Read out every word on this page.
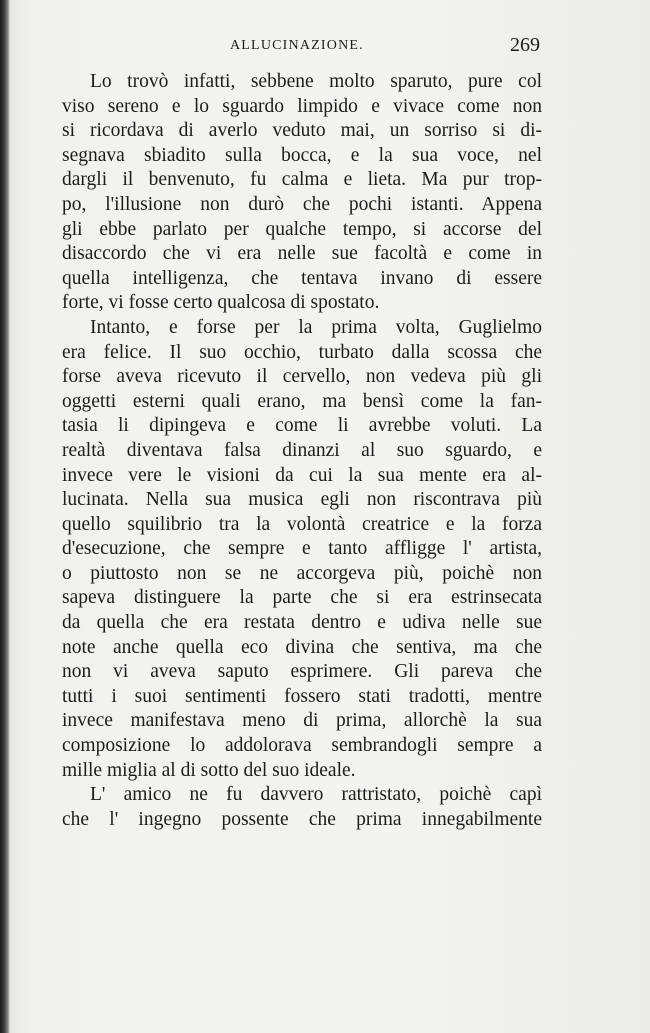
ALLUCINAZIONE.	269
Lo trovò infatti, sebbene molto sparuto, pure col
viso sereno e lo sguardo limpido e vivace come non
si ricordava di averlo veduto mai, un sorriso si di-
segnava sbiadito sulla bocca, e la sua voce, nel
dargli il benvenuto, fu calma e lieta. Ma pur trop-
po, l'illusione non durò che pochi istanti. Appena
gli ebbe parlato per qualche tempo, si accorse del
disaccordo che vi era nelle sue facoltà e come in
quella intelligenza, che tentava invano di essere
forte, vi fosse certo qualcosa di spostato.
Intanto, e forse per la prima volta, Guglielmo
era felice. Il suo occhio, turbato dalla scossa che
forse aveva ricevuto il cervello, non vedeva più gli
oggetti esterni quali erano, ma bensì come la fan-
tasia li dipingeva e come li avrebbe voluti. La
realtà diventava falsa dinanzi al suo sguardo, e
invece vere le visioni da cui la sua mente era al-
lucinata. Nella sua musica egli non riscontrava più
quello squilibrio tra la volontà creatrice e la forza
d'esecuzione, che sempre e tanto affligge l' artista,
o piuttosto non se ne accorgeva più, poichè non
sapeva distinguere la parte che si era estrinsecata
da quella che era restata dentro e udiva nelle sue
note anche quella eco divina che sentiva, ma che
non vi aveva saputo esprimere. Gli pareva che
tutti i suoi sentimenti fossero stati tradotti, mentre
invece manifestava meno di prima, allorchè la sua
composizione lo addolorava sembrandogli sempre a
mille miglia al di sotto del suo ideale.
L' amico ne fu davvero rattristato, poichè capì
che l' ingegno possente che prima innegabilmente
